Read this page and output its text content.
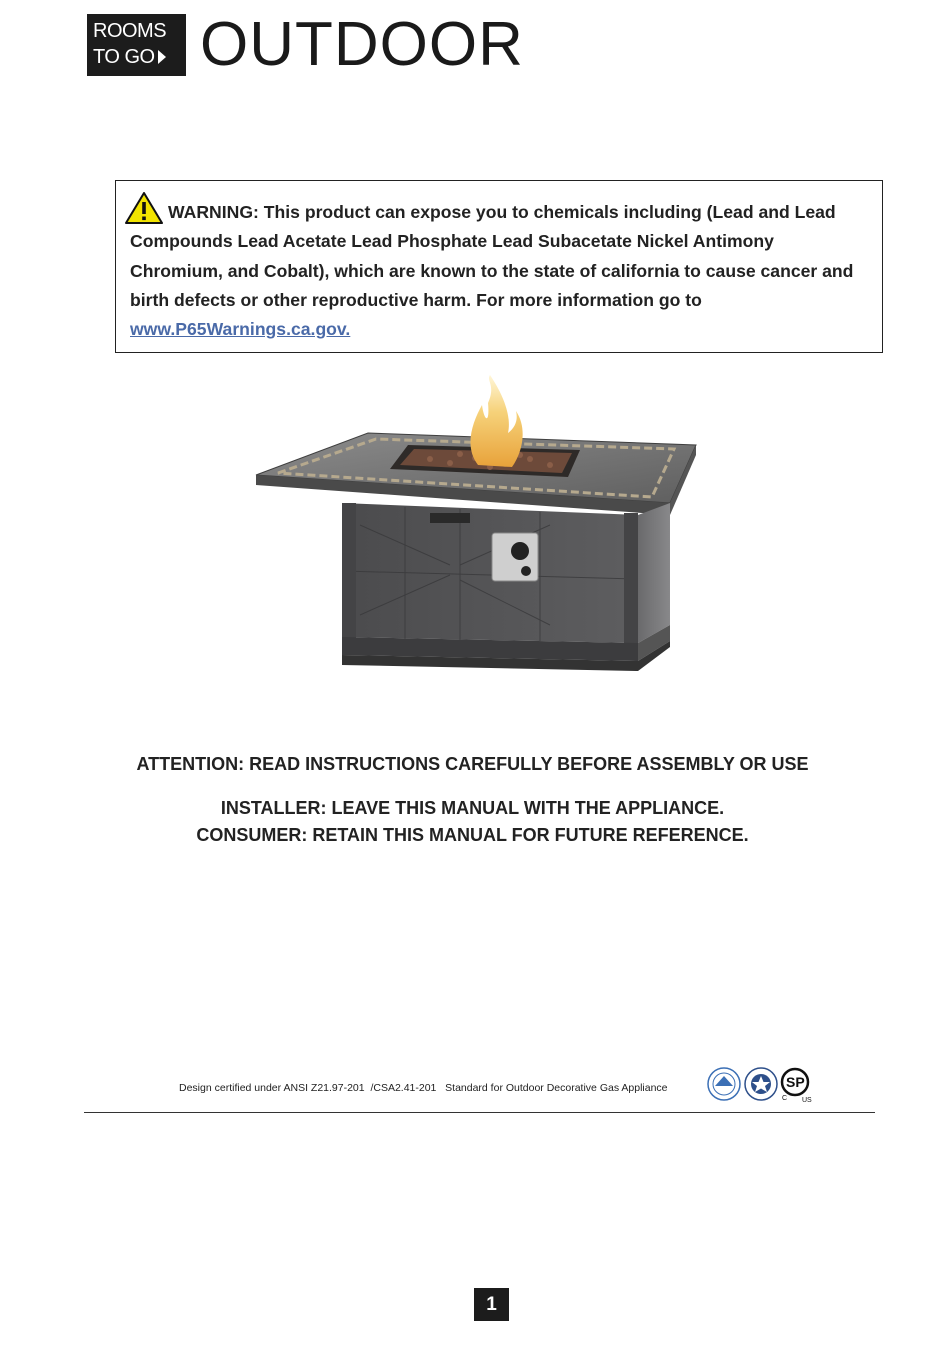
ROOMS
TO GO OUTDOOR

WARNING: This product can expose you to chemicals including (Lead and Lead Compounds Lead Acetate Lead Phosphate Lead Subacetate Nickel Antimony Chromium, and Cobalt), which are known to the state of california to cause cancer and birth defects or other reproductive harm. For more information go to www.P65Warnings.ca.gov.

ATTENTION: READ INSTRUCTIONS CAREFULLY BEFORE ASSEMBLY OR USE

INSTALLER: LEAVE THIS MANUAL WITH THE APPLIANCE.
CONSUMER: RETAIN THIS MANUAL FOR FUTURE REFERENCE.
Design certified under ANSI Z21.97-201  /CSA2.41-201   Standard for Outdoor Decorative Gas Appliance	SP
C US
1
